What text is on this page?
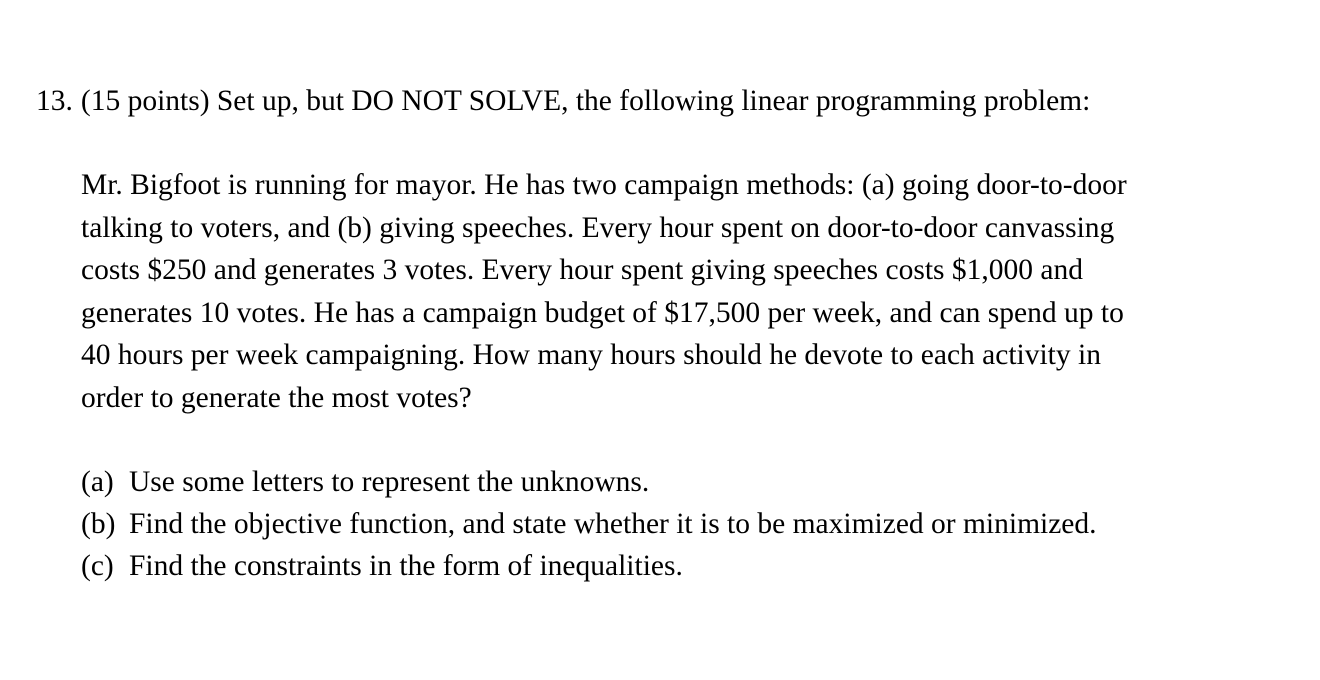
13. (15 points) Set up, but DO NOT SOLVE, the following linear programming problem:

Mr. Bigfoot is running for mayor. He has two campaign methods: (a) going door-to-door
talking to voters, and (b) giving speeches. Every hour spent on door-to-door canvassing
costs $250 and generates 3 votes. Every hour spent giving speeches costs $1,000 and
generates 10 votes. He has a campaign budget of $17,500 per week, and can spend up to
40 hours per week campaigning. How many hours should he devote to each activity in
order to generate the most votes?

(a) Use some letters to represent the unknowns.
(b) Find the objective function, and state whether it is to be maximized or minimized.
(c) Find the constraints in the form of inequalities.
